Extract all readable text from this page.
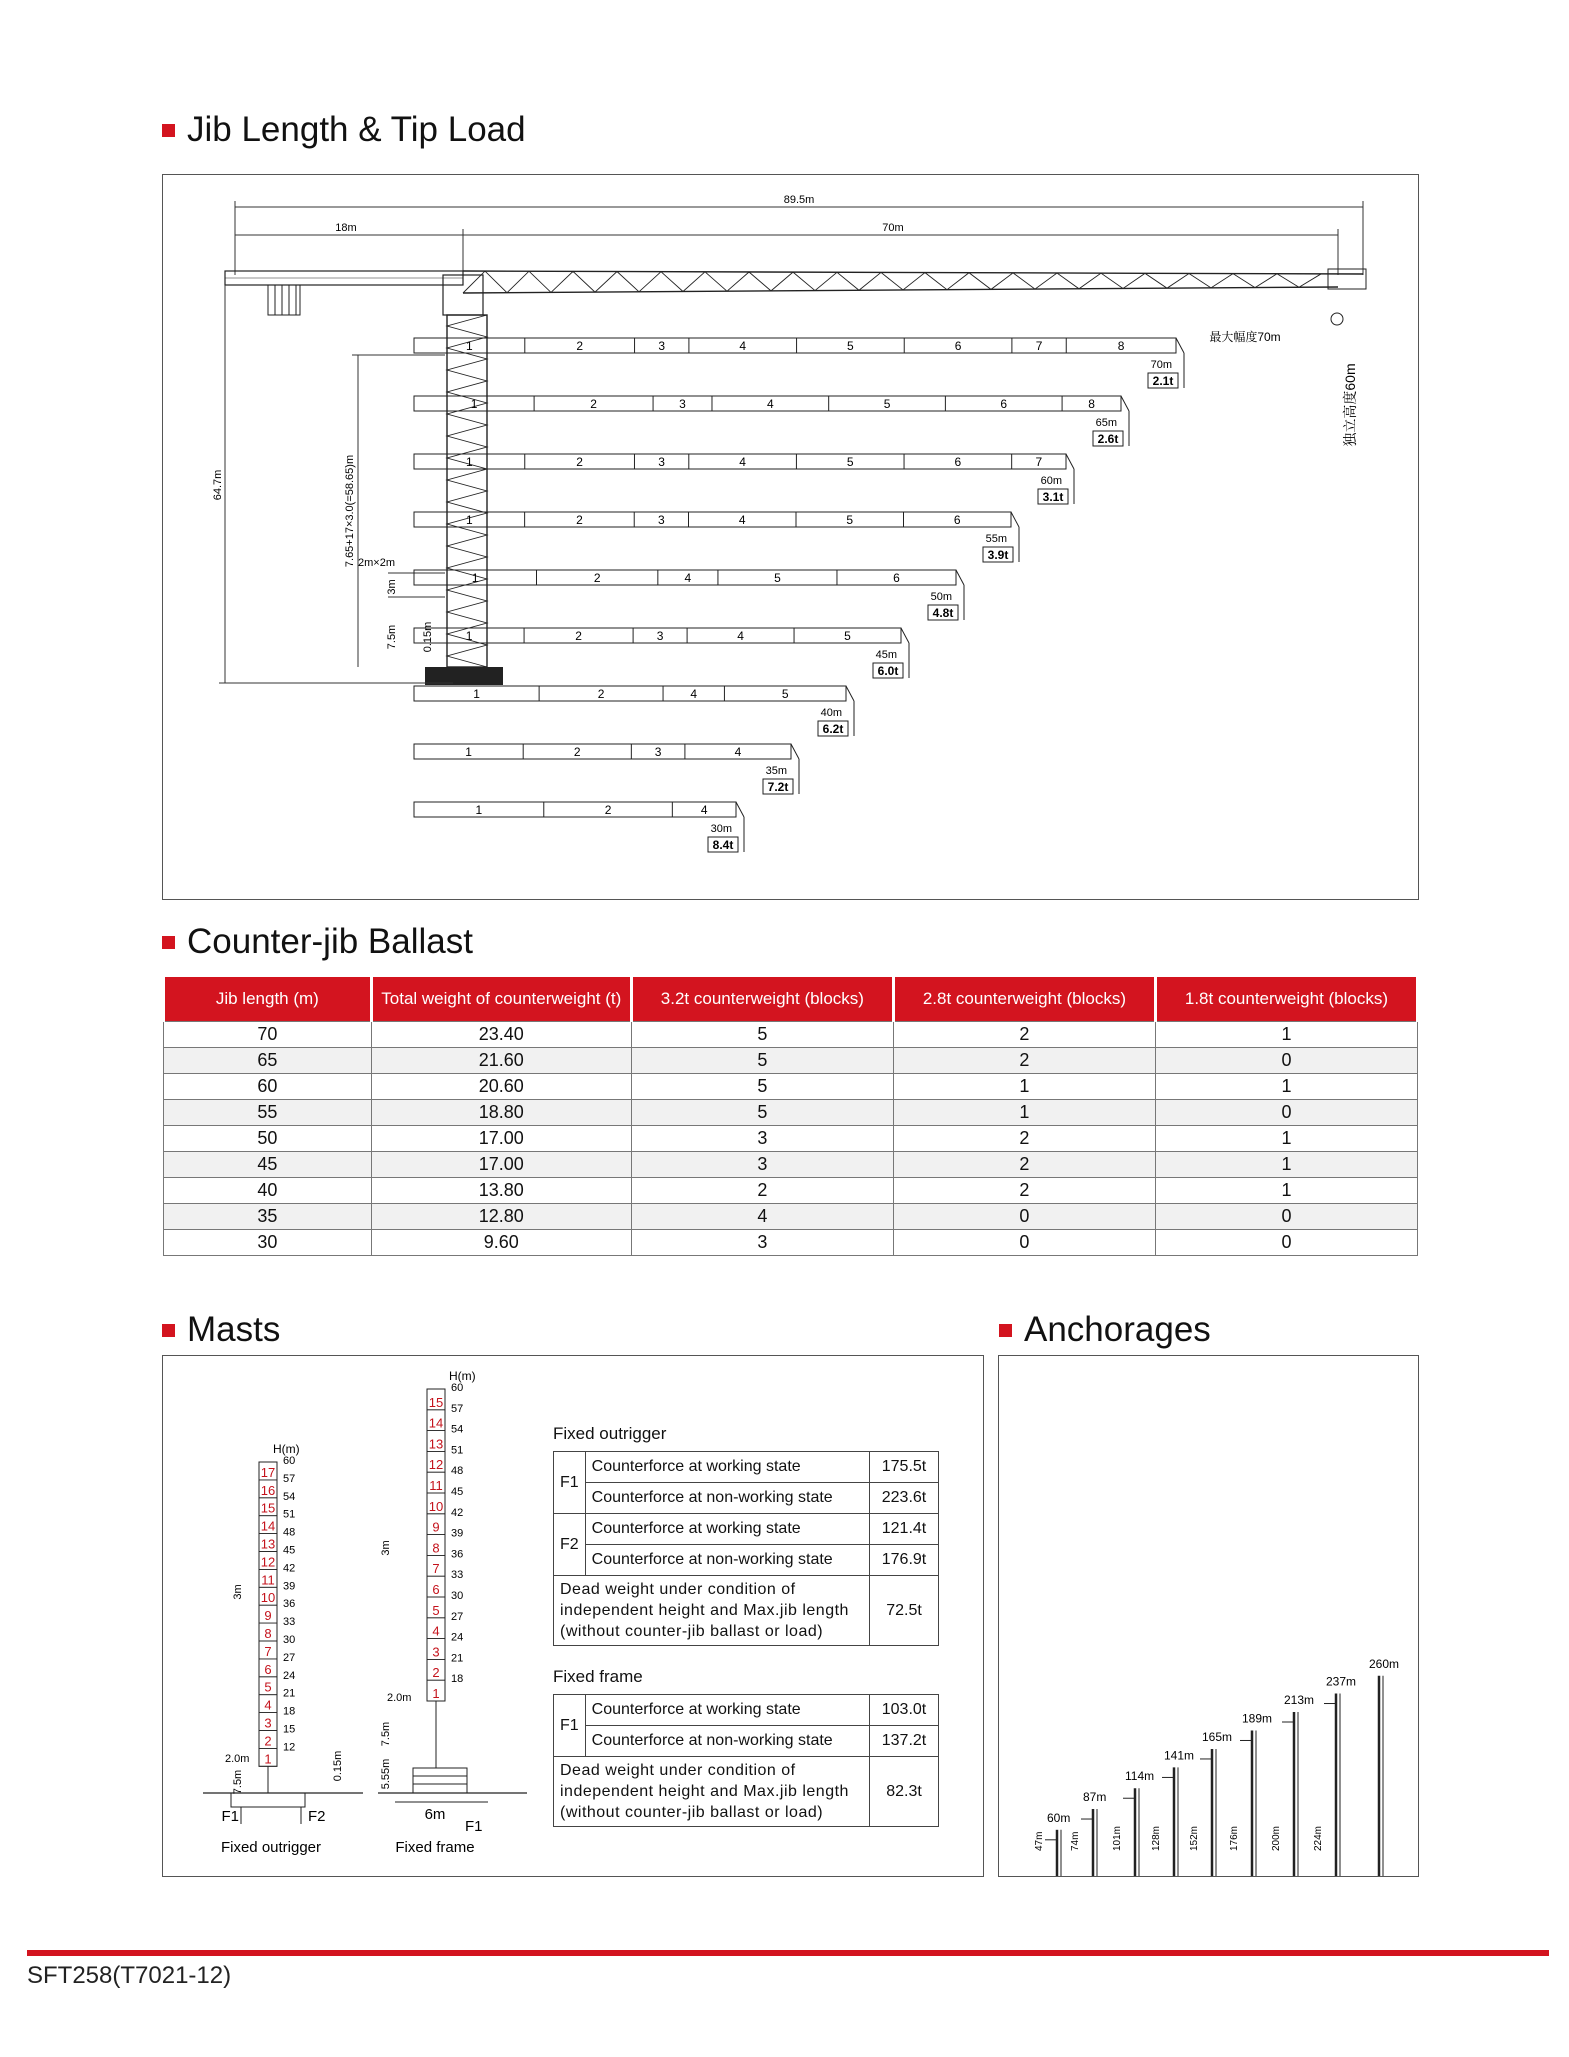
Jib Length & Tip Load
Counter-jib Ballast
Masts	Anchorages
89.5m
18m	70m
64.7m	7.65+17×3.0(=58.65)m 2m×2m
3m
7.5m 0.15m
最大幅度70m
独立高度60m
1	2	3	4	5	6	7	8
70m
2.1t
1	2	3	4	5	6	8
65m
2.6t
1	2	3	4	5	6	7
60m
3.1t
1	2	3	4	5	6
55m
3.9t
1	2	4	5	6
50m
4.8t
1	2	3	4	5
45m
6.0t
1	2	4	5
40m
6.2t
1	2	3	4
35m
7.2t
1	2	4
30m
8.4t
Jib length (m)	Total weight of counterweight (t)	3.2t counterweight (blocks)	2.8t counterweight (blocks)	1.8t counterweight (blocks)
70	23.40	5	2	1
65	21.60	5	2	0
60	20.60	5	1	1
55	18.80	5	1	0
50	17.00	3	2	1
45	17.00	3	2	1
40	13.80	2	2	1
35	12.80	4	0	0
30	9.60	3	0	0
17
60
16
57
15
54
14
51
13
48
12
45
11
42
10
39
9
36
8
33
7
30
6
27
5
24
4
21
3
18
2
15
1
12
15
60
14
57
13
54
12
51
11
48
10
45
9
42
8
39
7
36
6
33
5
30
4
27
3
24
2
21
1
18
H(m)
H(m)
F1	F2
Fixed outrigger
3m
2.0m
7.5m
0.15m
6m
F1
Fixed frame
3m
2.0m
7.5m
5.55m
Fixed outrigger
F1	Counterforce at working state	175.5t
	Counterforce at non-working state	223.6t
F2	Counterforce at working state	121.4t
	Counterforce at non-working state	176.9t
Dead weight under condition of independent height and Max.jib length (without counter-jib ballast or load)		72.5t
Fixed frame
F1	Counterforce at working state	103.0t
	Counterforce at non-working state	137.2t
Dead weight under condition of independent height and Max.jib length (without counter-jib ballast or load)		82.3t
60m
47m
87m
74m
114m
101m
141m
128m
165m
152m
189m
176m
213m
200m
237m
224m
260m
SFT258(T7021-12)
